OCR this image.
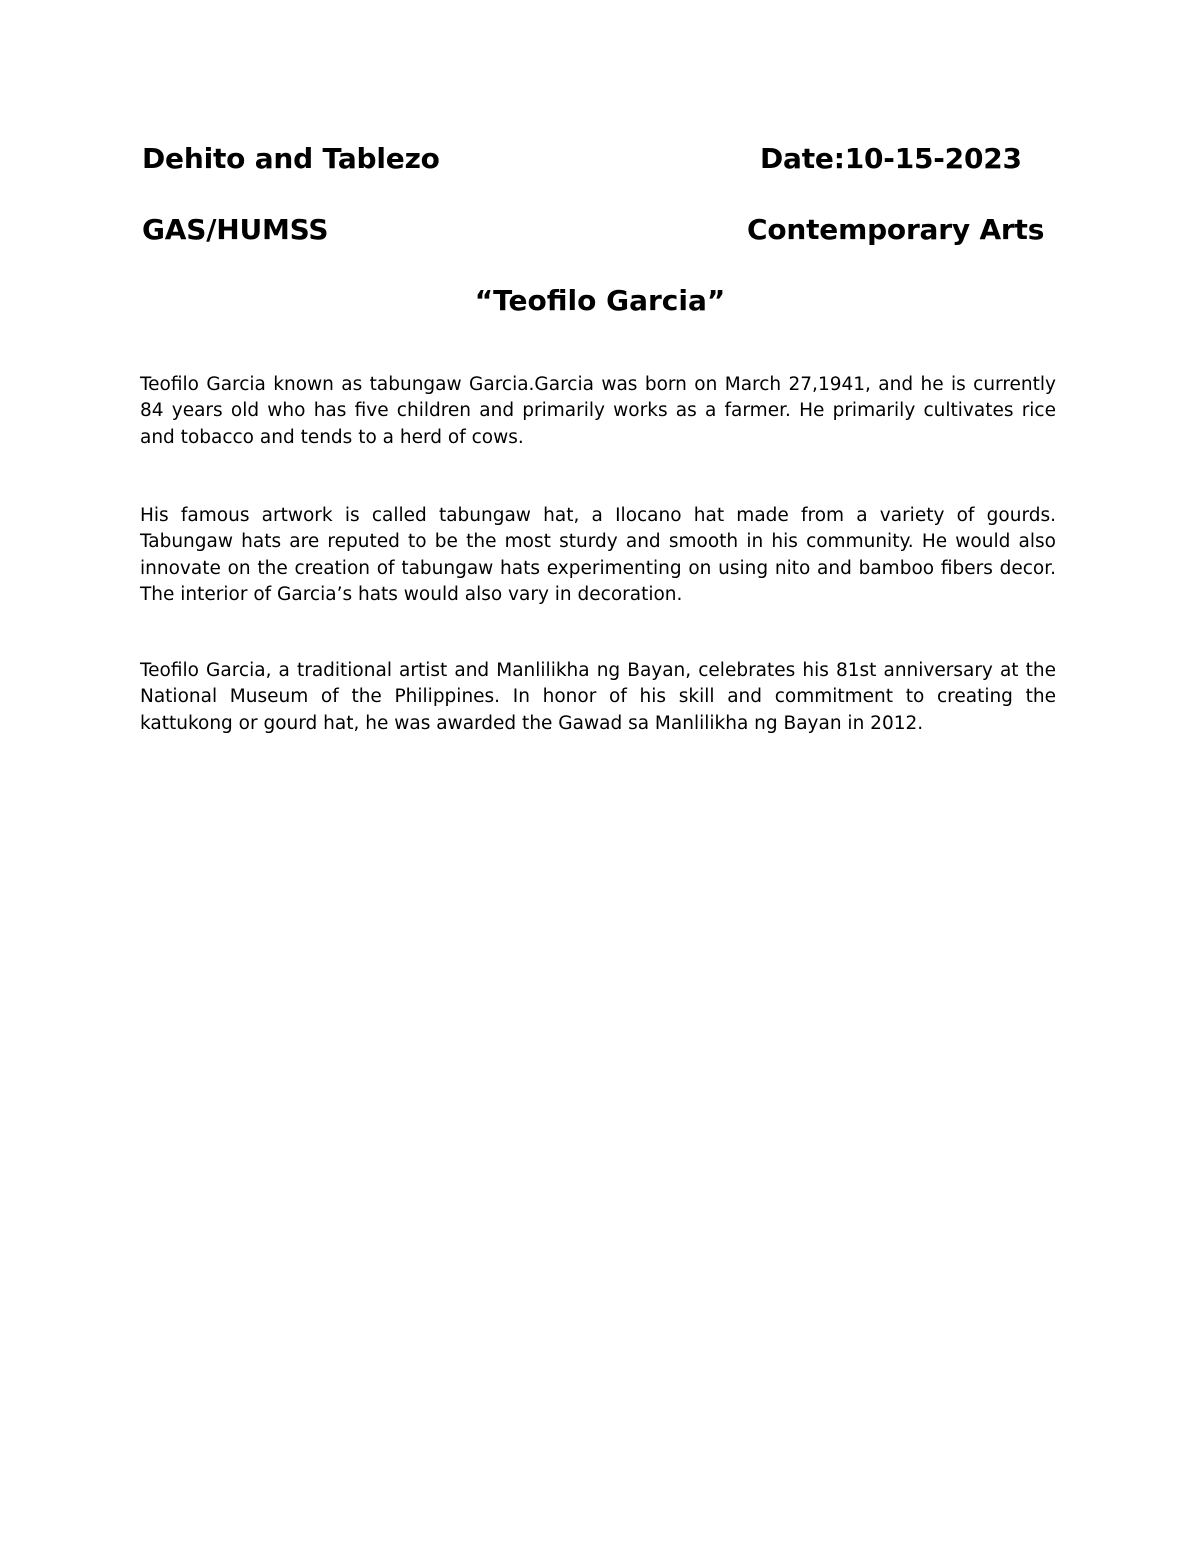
Dehito and Tablezo	Date:10-15-2023
GAS/HUMSS	Contemporary Arts
“Teofilo Garcia”

Teofilo Garcia known as tabungaw Garcia.Garcia was born on March 27,1941, and he is currently 84 years old who has five children and primarily works as a farmer. He primarily cultivates rice and tobacco and tends to a herd of cows.

His famous artwork is called tabungaw hat, a Ilocano hat made from a variety of gourds. Tabungaw hats are reputed to be the most sturdy and smooth in his community. He would also innovate on the creation of tabungaw hats experimenting on using nito and bamboo fibers decor. The interior of Garcia’s hats would also vary in decoration.

Teofilo Garcia, a traditional artist and Manlilikha ng Bayan, celebrates his 81st anniversary at the National Museum of the Philippines. In honor of his skill and commitment to creating the kattukong or gourd hat, he was awarded the Gawad sa Manlilikha ng Bayan in 2012.
